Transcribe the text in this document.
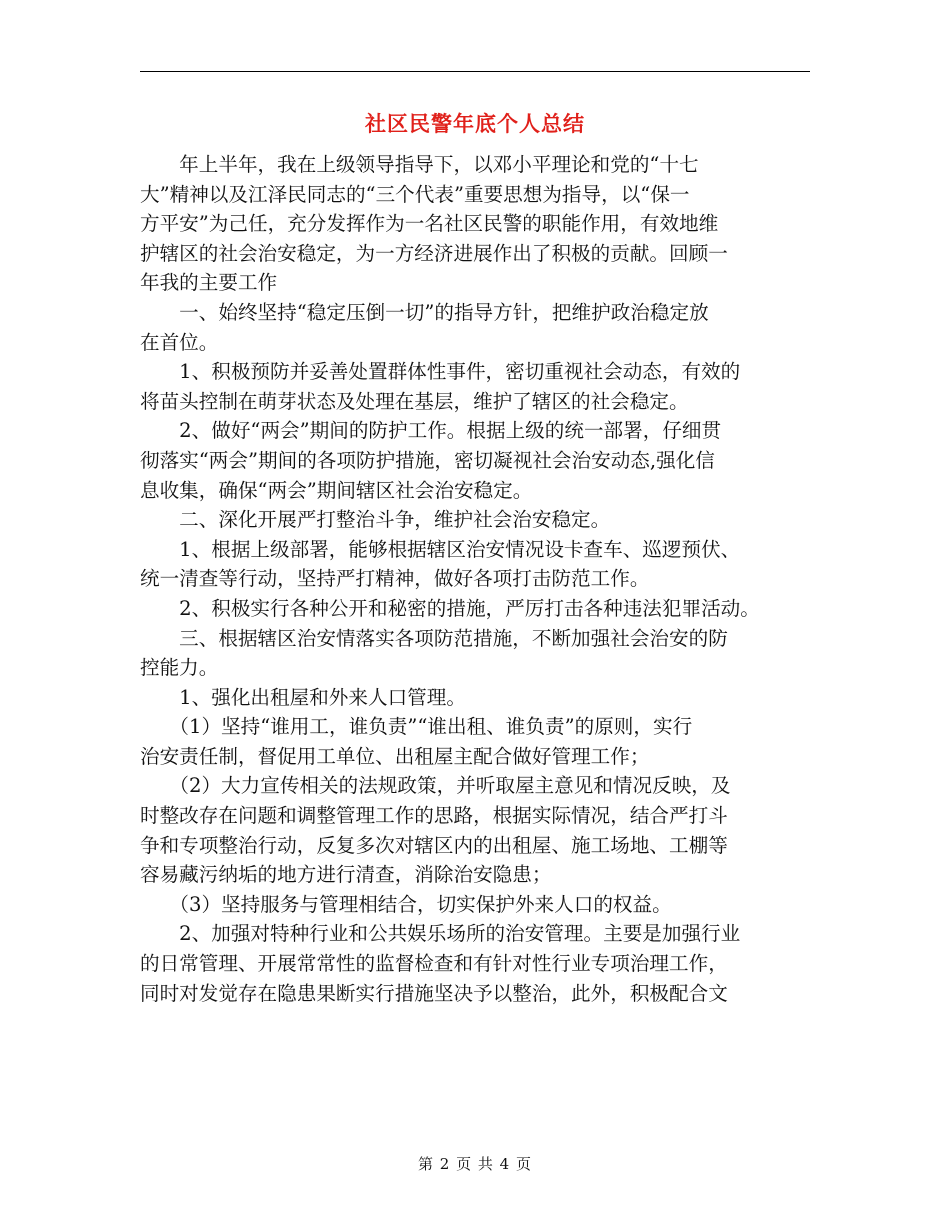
社区民警年底个人总结
　　年上半年，我在上级领导指导下，以邓小平理论和党的“十七
大”精神以及江泽民同志的“三个代表”重要思想为指导，以“保一
方平安”为己任，充分发挥作为一名社区民警的职能作用，有效地维
护辖区的社会治安稳定，为一方经济进展作出了积极的贡献。回顾一
年我的主要工作
　　一、始终坚持“稳定压倒一切”的指导方针，把维护政治稳定放
在首位。
　　1、积极预防并妥善处置群体性事件，密切重视社会动态，有效的
将苗头控制在萌芽状态及处理在基层，维护了辖区的社会稳定。
　　2、做好“两会”期间的防护工作。根据上级的统一部署，仔细贯
彻落实“两会”期间的各项防护措施，密切凝视社会治安动态,强化信
息收集，确保“两会”期间辖区社会治安稳定。
　　二、深化开展严打整治斗争，维护社会治安稳定。
　　1、根据上级部署，能够根据辖区治安情况设卡查车、巡逻预伏、
统一清查等行动，坚持严打精神，做好各项打击防范工作。
　　2、积极实行各种公开和秘密的措施，严厉打击各种违法犯罪活动。
　　三、根据辖区治安情落实各项防范措施，不断加强社会治安的防
控能力。
　　1、强化出租屋和外来人口管理。
　　（1）坚持“谁用工，谁负责”“谁出租、谁负责”的原则，实行
治安责任制，督促用工单位、出租屋主配合做好管理工作；
　　（2）大力宣传相关的法规政策，并听取屋主意见和情况反映，及
时整改存在问题和调整管理工作的思路，根据实际情况，结合严打斗
争和专项整治行动，反复多次对辖区内的出租屋、施工场地、工棚等
容易藏污纳垢的地方进行清查，消除治安隐患；
　　（3）坚持服务与管理相结合，切实保护外来人口的权益。
　　2、加强对特种行业和公共娱乐场所的治安管理。主要是加强行业
的日常管理、开展常常性的监督检查和有针对性行业专项治理工作，
同时对发觉存在隐患果断实行措施坚决予以整治，此外，积极配合文
第 2 页 共 4 页
